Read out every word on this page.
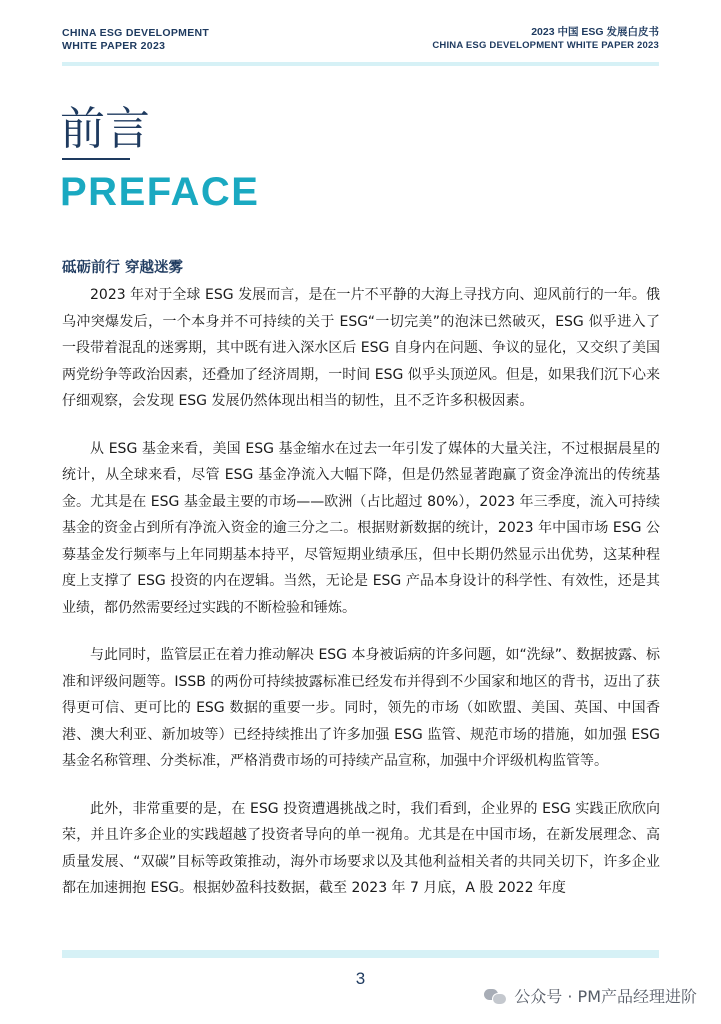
CHINA ESG DEVELOPMENT
WHITE PAPER 2023
2023 中国 ESG 发展白皮书
CHINA ESG DEVELOPMENT WHITE PAPER 2023
前言
PREFACE
砥砺前行 穿越迷雾

2023 年对于全球 ESG 发展而言，是在一片不平静的大海上寻找方向、迎风前行的一年。俄乌冲突爆发后，一个本身并不可持续的关于 ESG“一切完美”的泡沫已然破灭，ESG 似乎进入了一段带着混乱的迷雾期，其中既有进入深水区后 ESG 自身内在问题、争议的显化，又交织了美国两党纷争等政治因素，还叠加了经济周期，一时间 ESG 似乎头顶逆风。但是，如果我们沉下心来仔细观察，会发现 ESG 发展仍然体现出相当的韧性，且不乏许多积极因素。

从 ESG 基金来看，美国 ESG 基金缩水在过去一年引发了媒体的大量关注，不过根据晨星的统计，从全球来看，尽管 ESG 基金净流入大幅下降，但是仍然显著跑赢了资金净流出的传统基金。尤其是在 ESG 基金最主要的市场——欧洲（占比超过 80%），2023 年三季度，流入可持续基金的资金占到所有净流入资金的逾三分之二。根据财新数据的统计，2023 年中国市场 ESG 公募基金发行频率与上年同期基本持平，尽管短期业绩承压，但中长期仍然显示出优势，这某种程度上支撑了 ESG 投资的内在逻辑。当然，无论是 ESG 产品本身设计的科学性、有效性，还是其业绩，都仍然需要经过实践的不断检验和锤炼。

与此同时，监管层正在着力推动解决 ESG 本身被诟病的许多问题，如“洗绿”、数据披露、标准和评级问题等。ISSB 的两份可持续披露标准已经发布并得到不少国家和地区的背书，迈出了获得更可信、更可比的 ESG 数据的重要一步。同时，领先的市场（如欧盟、美国、英国、中国香港、澳大利亚、新加坡等）已经持续推出了许多加强 ESG 监管、规范市场的措施，如加强 ESG 基金名称管理、分类标准，严格消费市场的可持续产品宣称，加强中介评级机构监管等。

此外，非常重要的是，在 ESG 投资遭遇挑战之时，我们看到，企业界的 ESG 实践正欣欣向荣，并且许多企业的实践超越了投资者导向的单一视角。尤其是在中国市场，在新发展理念、高质量发展、“双碳”目标等政策推动，海外市场要求以及其他利益相关者的共同关切下，许多企业都在加速拥抱 ESG。根据妙盈科技数据，截至 2023 年 7 月底，A 股 2022 年度

3
公众号 · PM产品经理进阶
